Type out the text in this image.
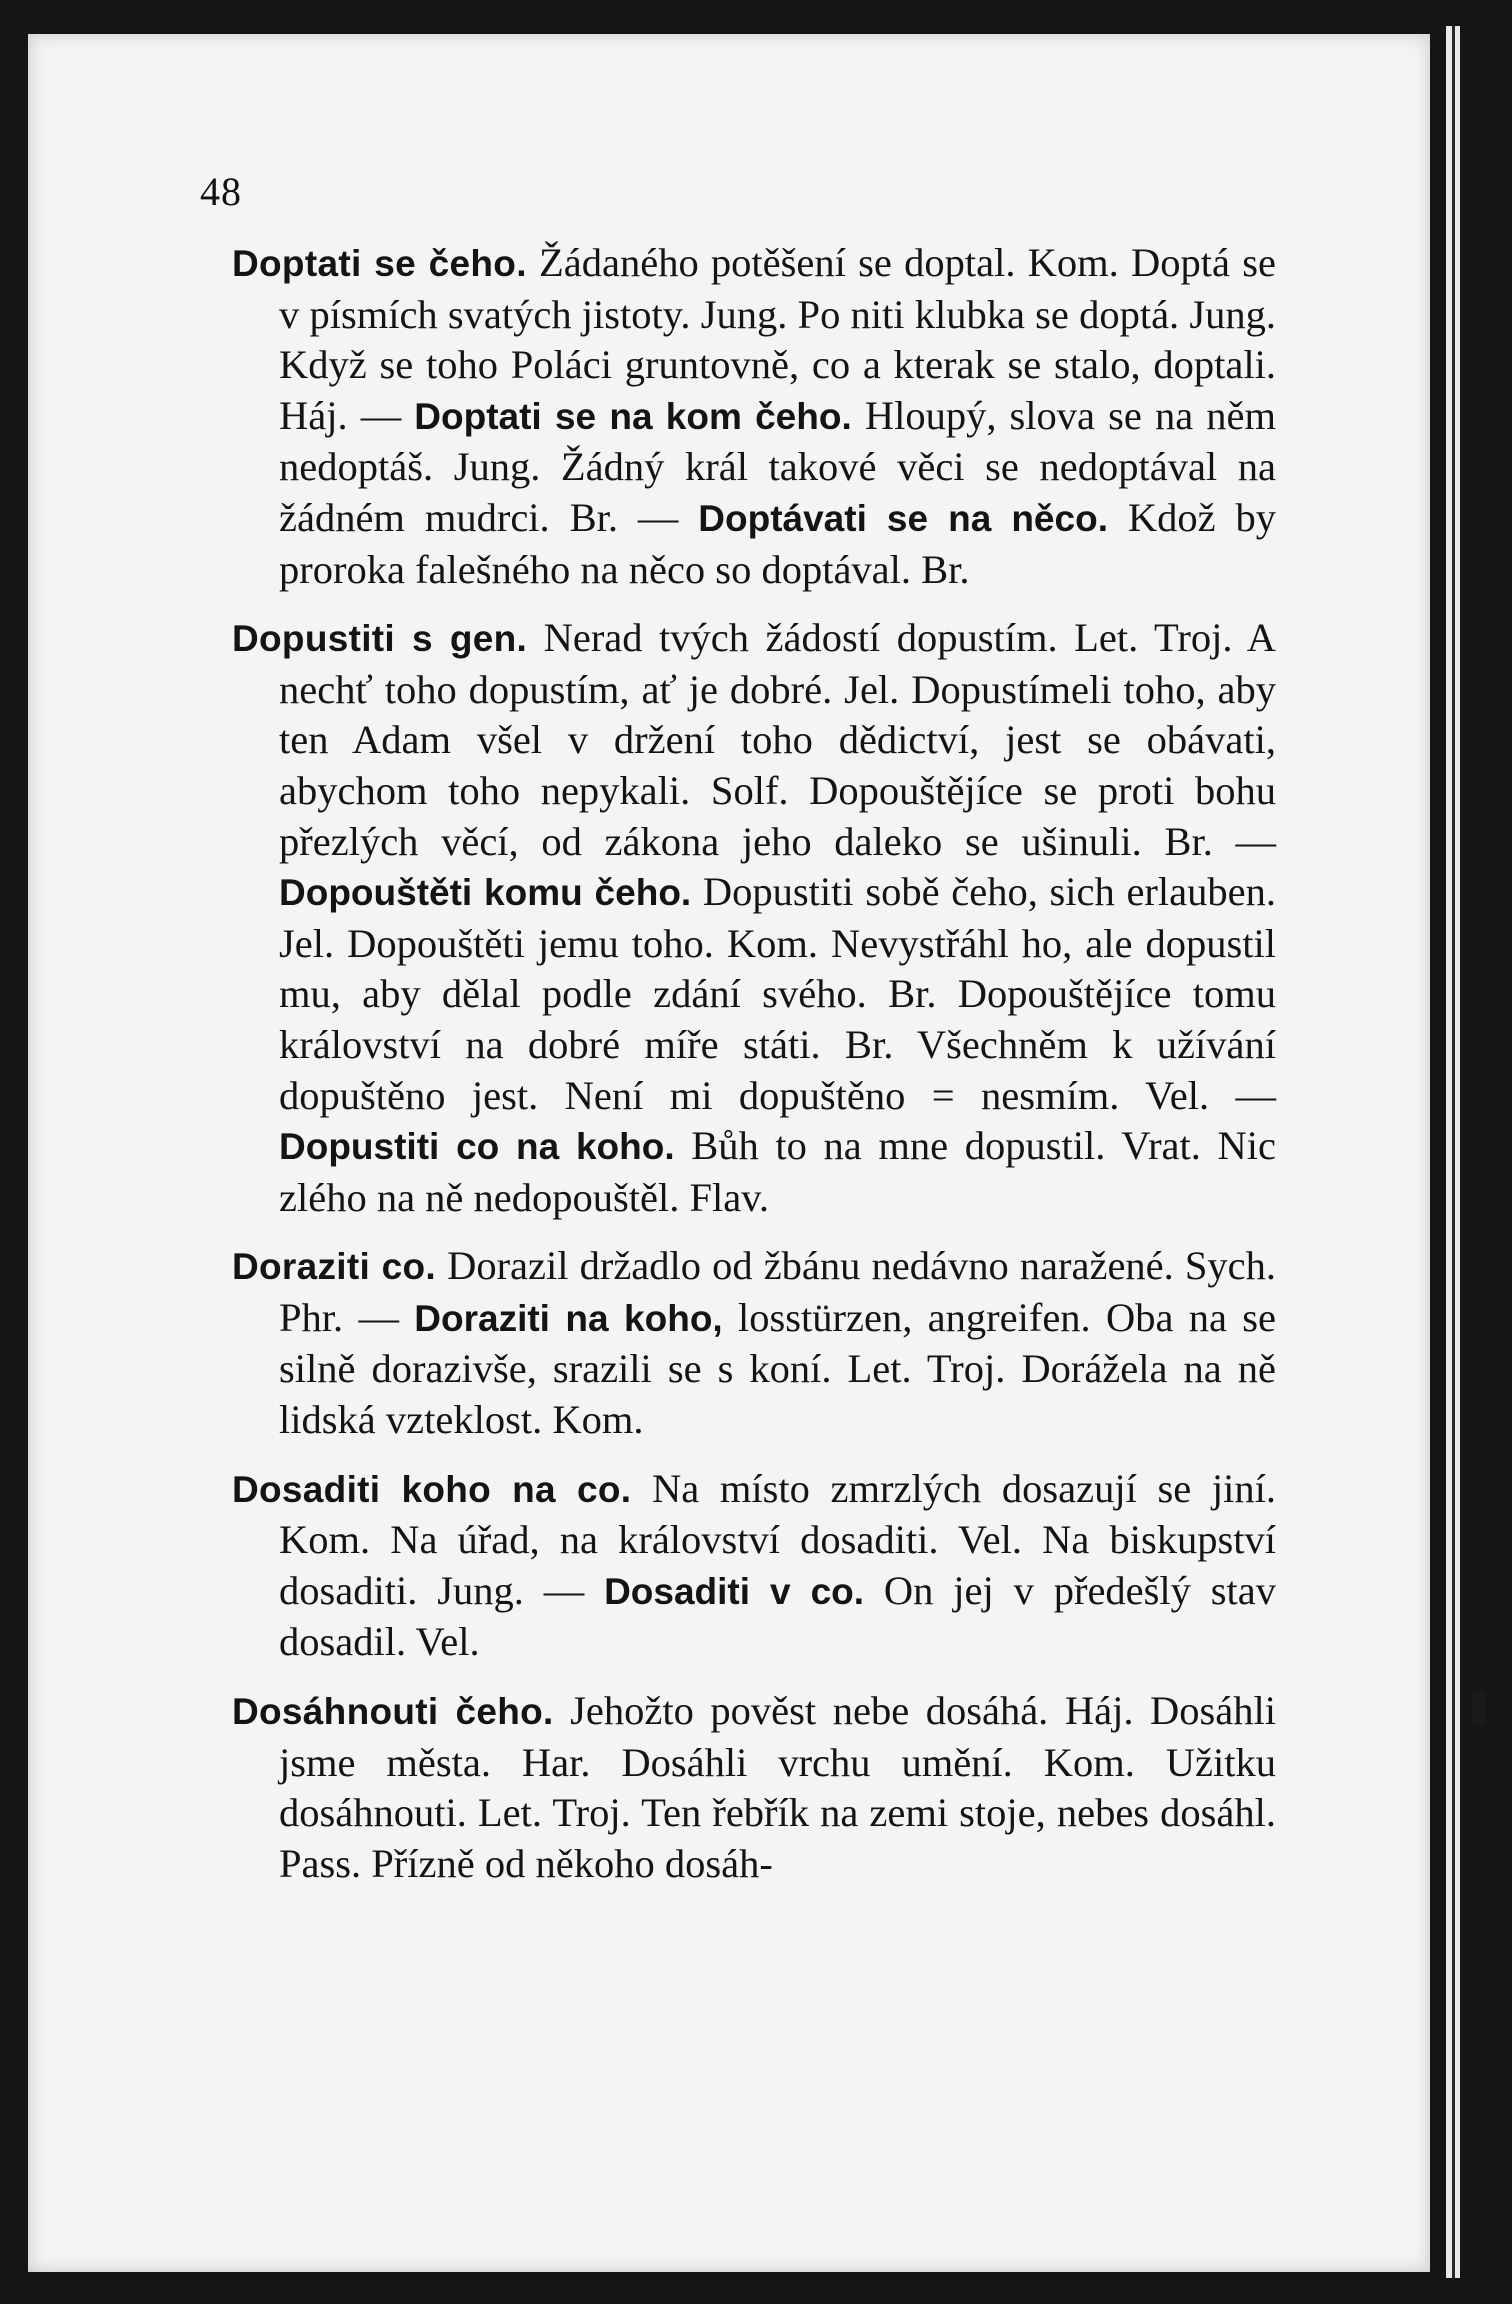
48

Doptati se čeho. Žádaného potěšení se doptal. Kom. Doptá se v písmích svatých jistoty. Jung. Po niti klubka se doptá. Jung. Když se toho Poláci gruntovně, co a kterak se stalo, doptali. Háj. — Doptati se na kom čeho. Hloupý, slova se na něm nedoptáš. Jung. Žádný král takové věci se nedoptával na žádném mudrci. Br. — Doptávati se na něco. Kdož by proroka falešného na něco so doptával. Br.

Dopustiti s gen. Nerad tvých žádostí dopustím. Let. Troj. A nechť toho dopustím, ať je dobré. Jel. Dopustímeli toho, aby ten Adam všel v držení toho dědictví, jest se obávati, abychom toho nepykali. Solf. Dopouštějíce se proti bohu přezlých věcí, od zákona jeho daleko se ušinuli. Br. — Dopouštěti komu čeho. Dopustiti sobě čeho, sich erlauben. Jel. Dopouštěti jemu toho. Kom. Nevystřáhl ho, ale dopustil mu, aby dělal podle zdání svého. Br. Dopouštějíce tomu království na dobré míře státi. Br. Všechněm k užívání dopuštěno jest. Není mi dopuštěno = nesmím. Vel. — Dopustiti co na koho. Bůh to na mne dopustil. Vrat. Nic zlého na ně nedopouštěl. Flav.

Doraziti co. Dorazil držadlo od žbánu nedávno naražené. Sych. Phr. — Doraziti na koho, losstürzen, angreifen. Oba na se silně dorazivše, srazili se s koní. Let. Troj. Dorážela na ně lidská vzteklost. Kom.

Dosaditi koho na co. Na místo zmrzlých dosazují se jiní. Kom. Na úřad, na království dosaditi. Vel. Na biskupství dosaditi. Jung. — Dosaditi v co. On jej v předešlý stav dosadil. Vel.

Dosáhnouti čeho. Jehožto pověst nebe dosáhá. Háj. Dosáhli jsme města. Har. Dosáhli vrchu umění. Kom. Užitku dosáhnouti. Let. Troj. Ten řebřík na zemi stoje, nebes dosáhl. Pass. Přízně od někoho dosáh-
